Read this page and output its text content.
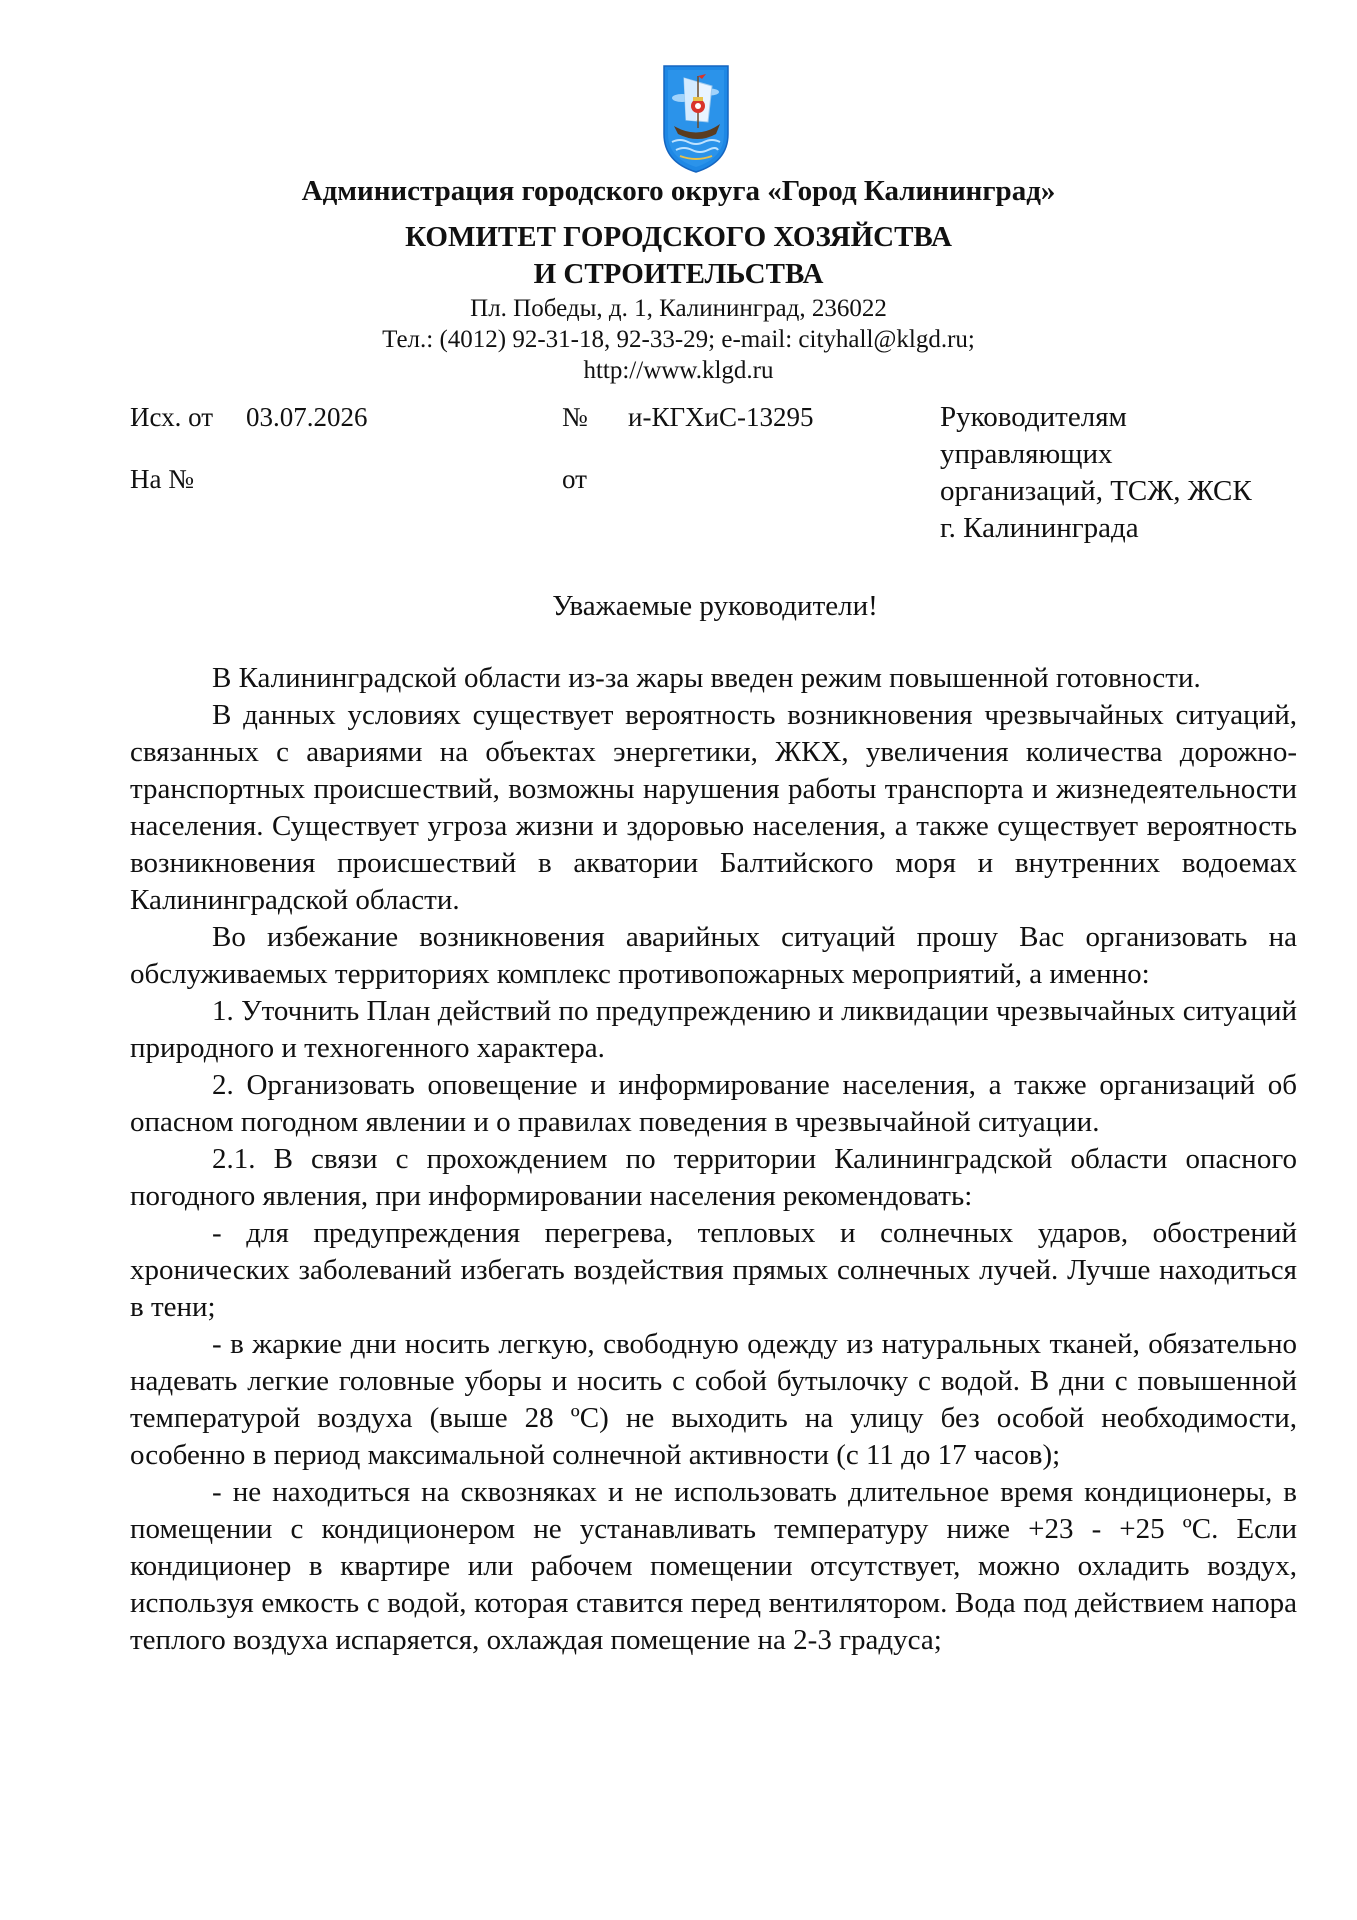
Администрация городского округа «Город Калининград»
КОМИТЕТ ГОРОДСКОГО ХОЗЯЙСТВА
И СТРОИТЕЛЬСТВА
Пл. Победы, д. 1, Калининград, 236022
Тел.: (4012) 92-31-18, 92-33-29; e-mail: cityhall@klgd.ru;
http://www.klgd.ru
Исх. от 03.07.2026	№ и-КГХиС-13295
На №	от
Руководителям
управляющих
организаций, ТСЖ, ЖСК
г. Калининграда
Уважаемые руководители!

В Калининградской области из-за жары введен режим повышенной готовности.

В данных условиях существует вероятность возникновения чрезвычайных ситуаций, связанных с авариями на объектах энергетики, ЖКХ, увеличения количества дорожно-транспортных происшествий, возможны нарушения работы транспорта и жизнедеятельности населения. Существует угроза жизни и здоровью населения, а также существует вероятность возникновения происшествий в акватории Балтийского моря и внутренних водоемах Калининградской области.

Во избежание возникновения аварийных ситуаций прошу Вас организовать на обслуживаемых территориях комплекс противопожарных мероприятий, а именно:

1. Уточнить План действий по предупреждению и ликвидации чрезвычайных ситуаций природного и техногенного характера.

2. Организовать оповещение и информирование населения, а также организаций об опасном погодном явлении и о правилах поведения в чрезвычайной ситуации.

2.1. В связи с прохождением по территории Калининградской области опасного погодного явления, при информировании населения рекомендовать:

- для предупреждения перегрева, тепловых и солнечных ударов, обострений хронических заболеваний избегать воздействия прямых солнечных лучей. Лучше находиться в тени;

- в жаркие дни носить легкую, свободную одежду из натуральных тканей, обязательно надевать легкие головные уборы и носить с собой бутылочку с водой. В дни с повышенной температурой воздуха (выше 28 ºС) не выходить на улицу без особой необходимости, особенно в период максимальной солнечной активности (с 11 до 17 часов);

- не находиться на сквозняках и не использовать длительное время кондиционеры, в помещении с кондиционером не устанавливать температуру ниже +23 - +25 ºС. Если кондиционер в квартире или рабочем помещении отсутствует, можно охладить воздух, используя емкость с водой, которая ставится перед вентилятором. Вода под действием напора теплого воздуха испаряется, охлаждая помещение на 2-3 градуса;
